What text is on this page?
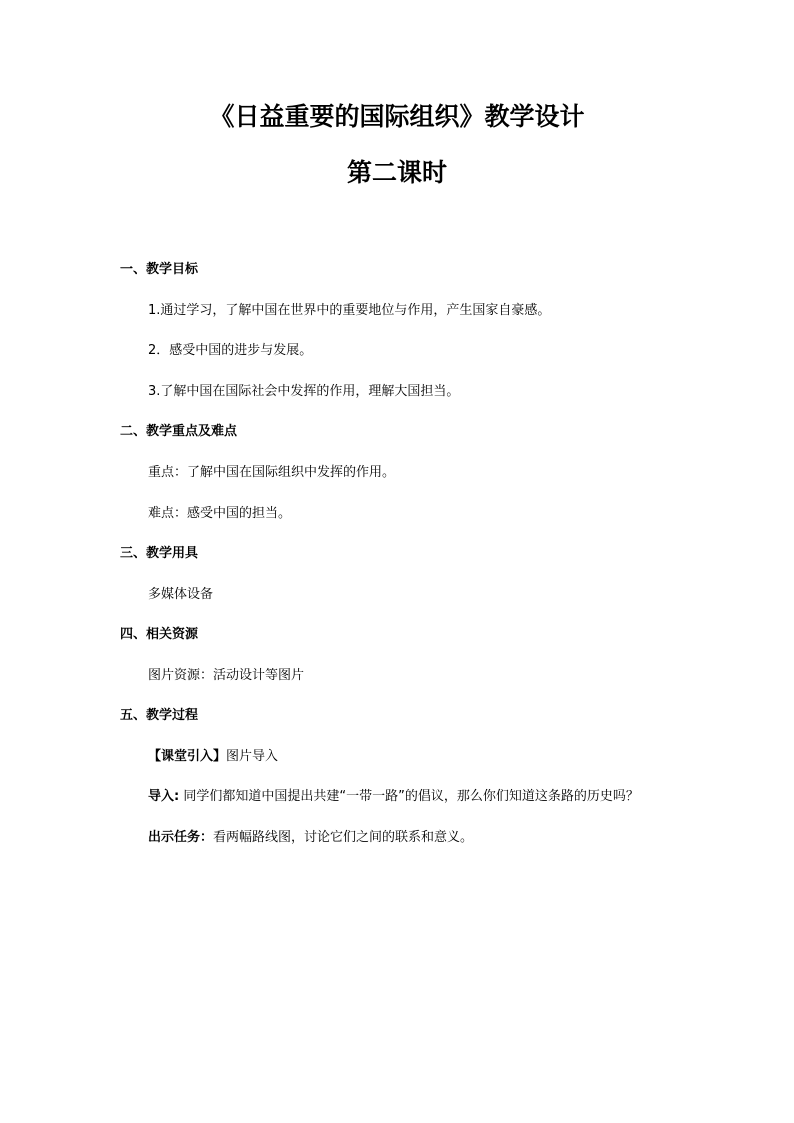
《日益重要的国际组织》教学设计
第二课时
一、教学目标
1.通过学习，了解中国在世界中的重要地位与作用，产生国家自豪感。
2．感受中国的进步与发展。
3.了解中国在国际社会中发挥的作用，理解大国担当。
二、教学重点及难点
重点：了解中国在国际组织中发挥的作用。
难点：感受中国的担当。
三、教学用具
多媒体设备
四、相关资源
图片资源：活动设计等图片
五、教学过程
【课堂引入】图片导入
导入: 同学们都知道中国提出共建“一带一路”的倡议，那么你们知道这条路的历史吗？
出示任务：看两幅路线图，讨论它们之间的联系和意义。
